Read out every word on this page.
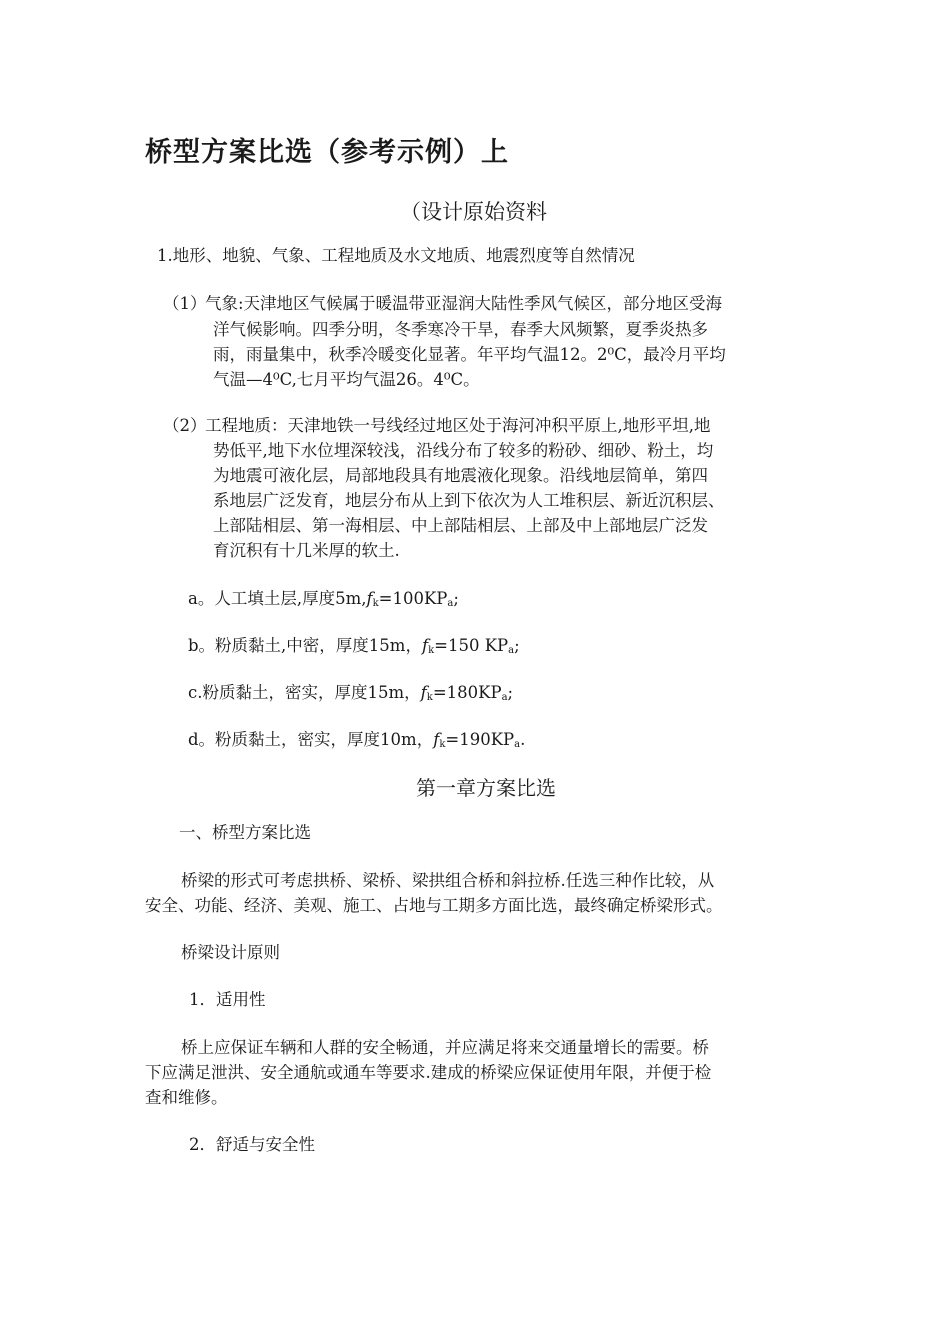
桥型方案比选（参考示例）上
（设计原始资料
1.地形、地貌、气象、工程地质及水文地质、地震烈度等自然情况
（1）
气象:天津地区气候属于暖温带亚湿润大陆性季风气候区，部分地区受海
洋气候影响。四季分明，冬季寒冷干旱，春季大风频繁，夏季炎热多
雨，雨量集中，秋季冷暖变化显著。年平均气温12。2⁰C，最冷月平均
气温—4⁰C,七月平均气温26。4⁰C。
（2）
工程地质：天津地铁一号线经过地区处于海河冲积平原上,地形平坦,地
势低平,地下水位埋深较浅，沿线分布了较多的粉砂、细砂、粉土，均
为地震可液化层，局部地段具有地震液化现象。沿线地层简单，第四
系地层广泛发育，地层分布从上到下依次为人工堆积层、新近沉积层、
上部陆相层、第一海相层、中上部陆相层、上部及中上部地层广泛发
育沉积有十几米厚的软土.
a。人工填土层,厚度$5m,f_k=100KP_a$;
b。粉质黏土,中密，厚度15m，$f_k=150$ $KP_a$;
c.粉质黏土，密实，厚度15m，$f_k=180KP_a$;
d。粉质黏土，密实，厚度10m，$f_k=190KP_a$.
第一章方案比选
一、桥型方案比选
桥梁的形式可考虑拱桥、梁桥、梁拱组合桥和斜拉桥.任选三种作比较，从
安全、功能、经济、美观、施工、占地与工期多方面比选，最终确定桥梁形式。
桥梁设计原则
1．适用性
桥上应保证车辆和人群的安全畅通，并应满足将来交通量增长的需要。桥
下应满足泄洪、安全通航或通车等要求.建成的桥梁应保证使用年限，并便于检
查和维修。
2．舒适与安全性
